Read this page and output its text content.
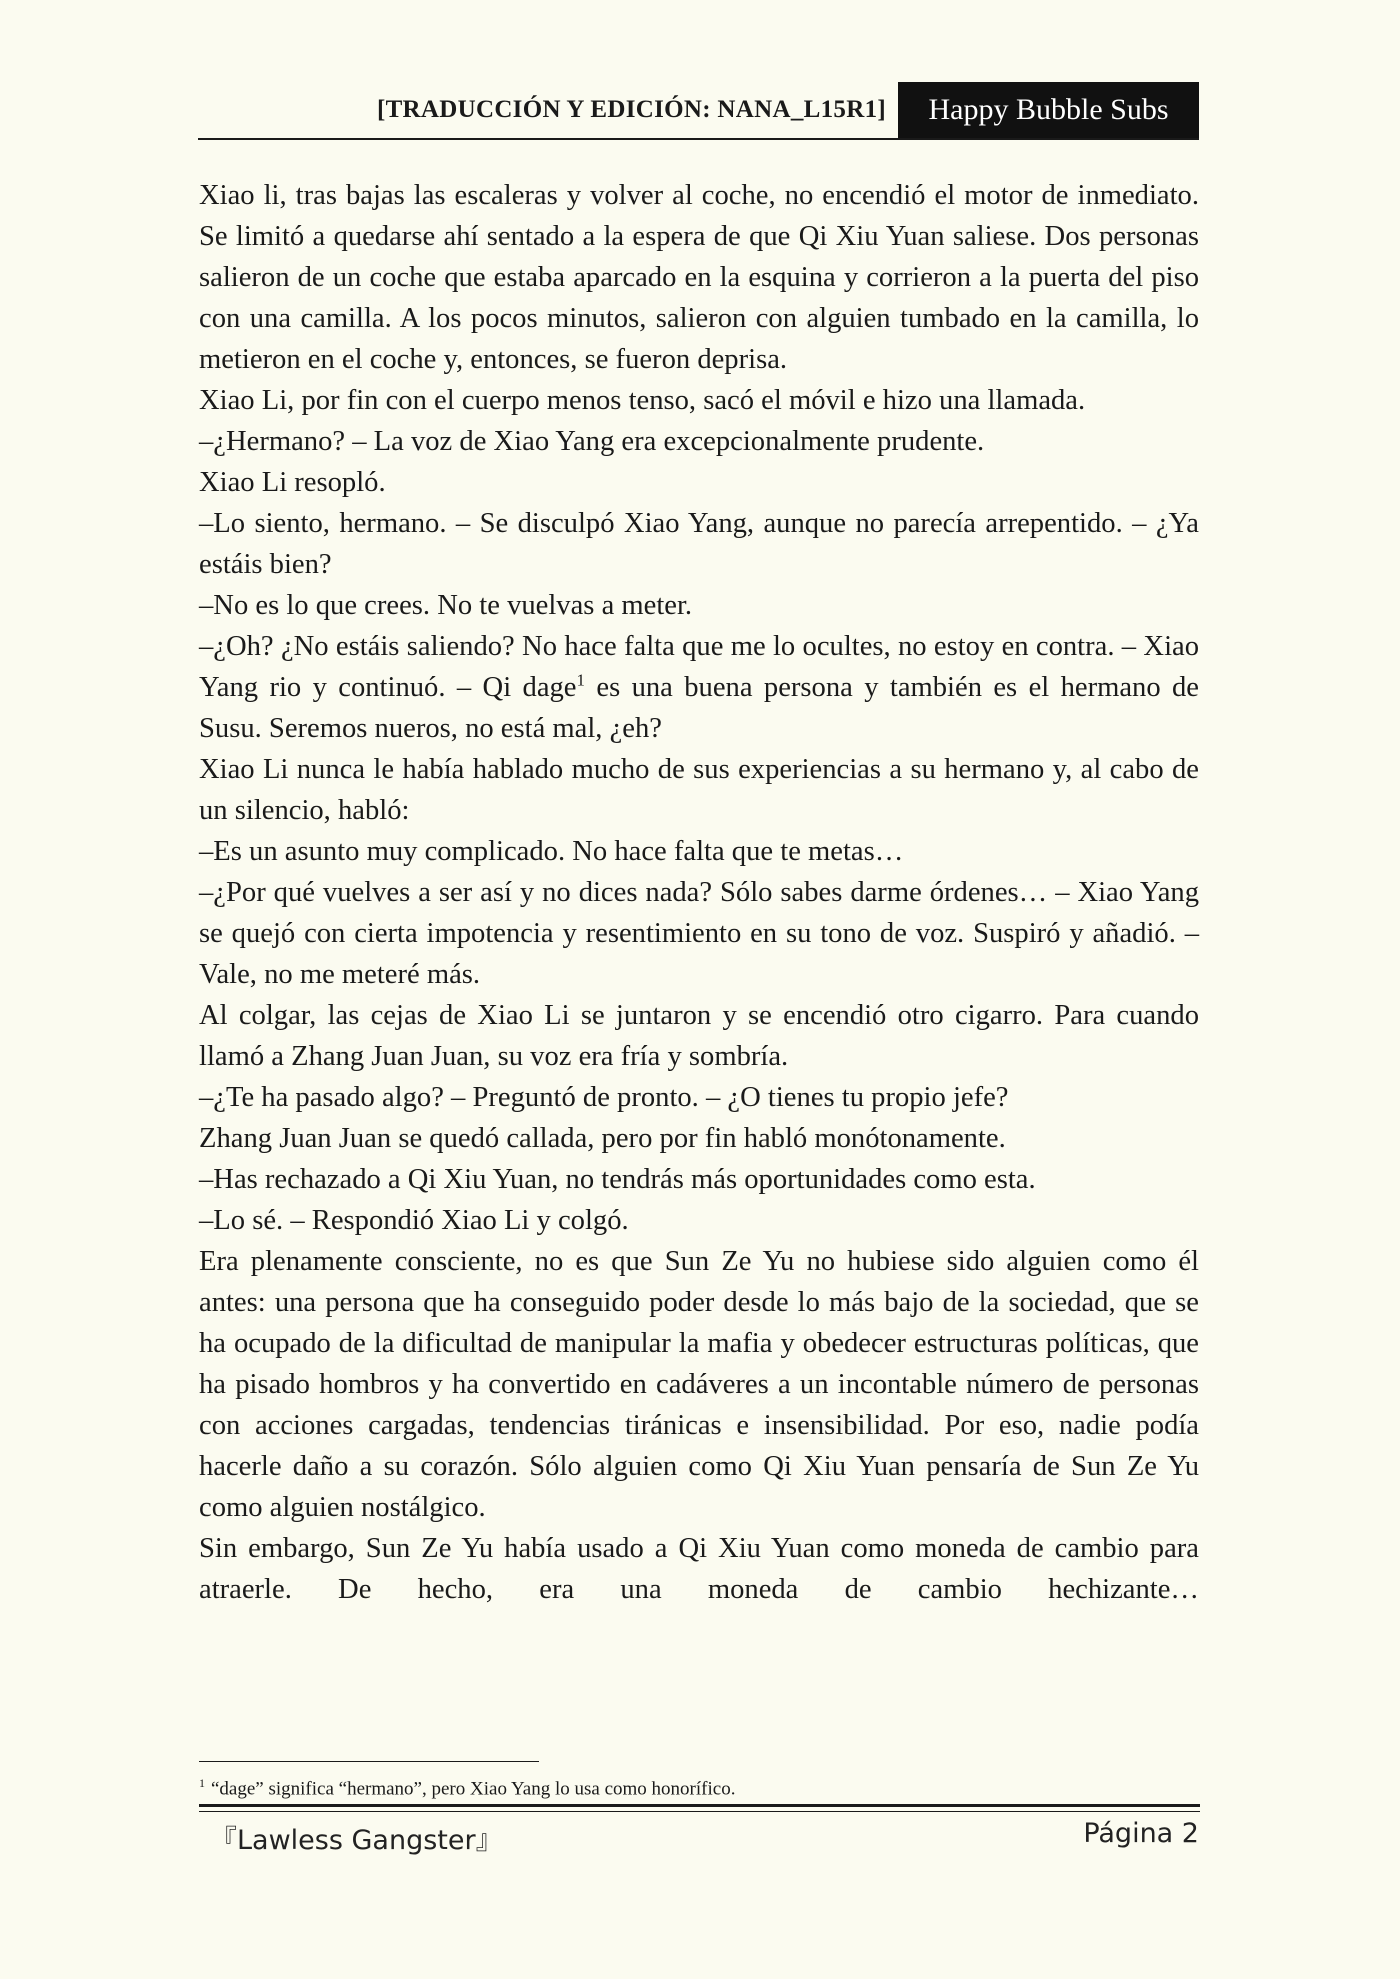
[TRADUCCIÓN Y EDICIÓN: NANA_L15R1]	Happy Bubble Subs

Xiao li, tras bajas las escaleras y volver al coche, no encendió el motor de inmediato. Se limitó a quedarse ahí sentado a la espera de que Qi Xiu Yuan saliese. Dos personas salieron de un coche que estaba aparcado en la esquina y corrieron a la puerta del piso con una camilla. A los pocos minutos, salieron con alguien tumbado en la camilla, lo metieron en el coche y, entonces, se fueron deprisa.

Xiao Li, por fin con el cuerpo menos tenso, sacó el móvil e hizo una llamada.

–¿Hermano? – La voz de Xiao Yang era excepcionalmente prudente.

Xiao Li resopló.

–Lo siento, hermano. – Se disculpó Xiao Yang, aunque no parecía arrepentido. – ¿Ya estáis bien?

–No es lo que crees. No te vuelvas a meter.

–¿Oh? ¿No estáis saliendo? No hace falta que me lo ocultes, no estoy en contra. – Xiao Yang rio y continuó. – Qi dage$^1$ es una buena persona y también es el hermano de Susu. Seremos nueros, no está mal, ¿eh?

Xiao Li nunca le había hablado mucho de sus experiencias a su hermano y, al cabo de un silencio, habló:

–Es un asunto muy complicado. No hace falta que te metas…

–¿Por qué vuelves a ser así y no dices nada? Sólo sabes darme órdenes… – Xiao Yang se quejó con cierta impotencia y resentimiento en su tono de voz. Suspiró y añadió. – Vale, no me meteré más.

Al colgar, las cejas de Xiao Li se juntaron y se encendió otro cigarro. Para cuando llamó a Zhang Juan Juan, su voz era fría y sombría.

–¿Te ha pasado algo? – Preguntó de pronto. – ¿O tienes tu propio jefe?

Zhang Juan Juan se quedó callada, pero por fin habló monótonamente.

–Has rechazado a Qi Xiu Yuan, no tendrás más oportunidades como esta.

–Lo sé. – Respondió Xiao Li y colgó.

Era plenamente consciente, no es que Sun Ze Yu no hubiese sido alguien como él antes: una persona que ha conseguido poder desde lo más bajo de la sociedad, que se ha ocupado de la dificultad de manipular la mafia y obedecer estructuras políticas, que ha pisado hombros y ha convertido en cadáveres a un incontable número de personas con acciones cargadas, tendencias tiránicas e insensibilidad. Por eso, nadie podía hacerle daño a su corazón. Sólo alguien como Qi Xiu Yuan pensaría de Sun Ze Yu como alguien nostálgico.

Sin embargo, Sun Ze Yu había usado a Qi Xiu Yuan como moneda de cambio para atraerle. De hecho, era una moneda de cambio hechizante…

$^1$ “dage” significa “hermano”, pero Xiao Yang lo usa como honorífico.
『Lawless Gangster』	Página 2
